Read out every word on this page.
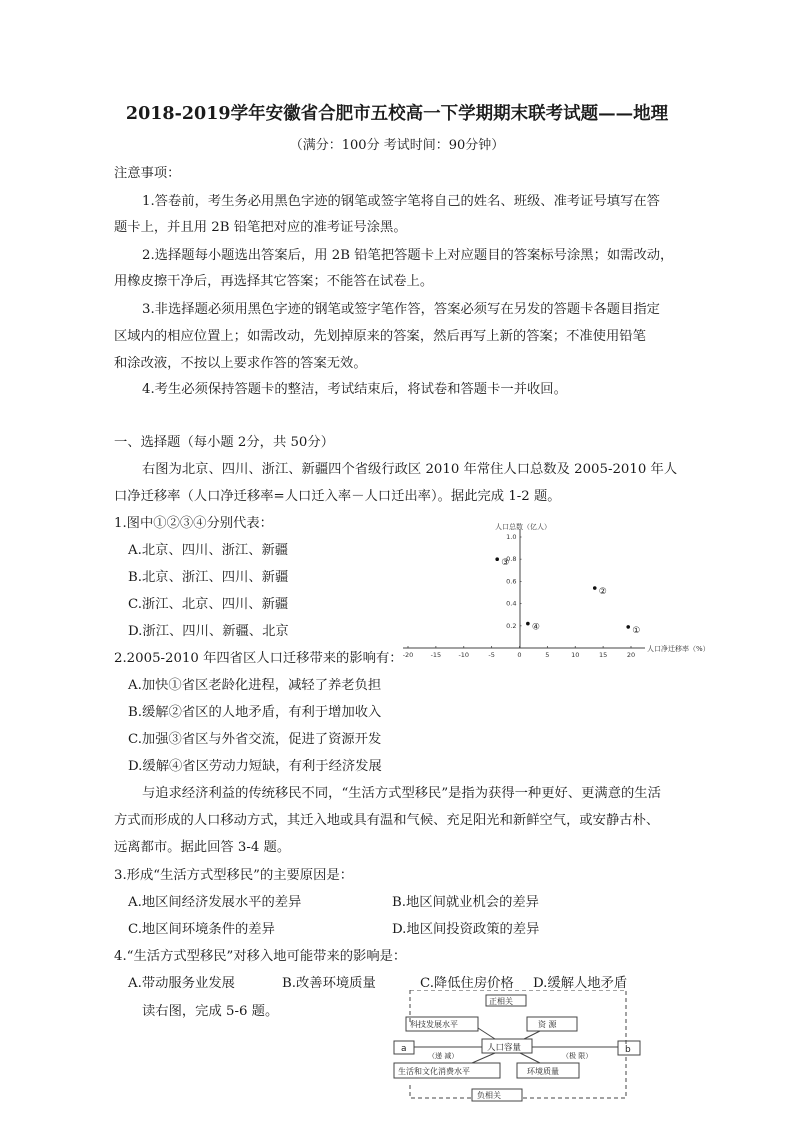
2018-2019学年安徽省合肥市五校高一下学期期末联考试题——地理
（满分：100分 考试时间：90分钟）
注意事项：
1.答卷前，考生务必用黑色字迹的钢笔或签字笔将自己的姓名、班级、准考证号填写在答
题卡上，并且用 2B 铅笔把对应的准考证号涂黑。
2.选择题每小题选出答案后，用 2B 铅笔把答题卡上对应题目的答案标号涂黑；如需改动，
用橡皮擦干净后，再选择其它答案；不能答在试卷上。
3.非选择题必须用黑色字迹的钢笔或签字笔作答，答案必须写在另发的答题卡各题目指定
区域内的相应位置上；如需改动，先划掉原来的答案，然后再写上新的答案；不准使用铅笔
和涂改液，不按以上要求作答的答案无效。
4.考生必须保持答题卡的整洁，考试结束后，将试卷和答题卡一并收回。
一、选择题（每小题 2分，共 50分）
右图为北京、四川、浙江、新疆四个省级行政区 2010 年常住人口总数及 2005-2010 年人
口净迁移率（人口净迁移率=人口迁入率－人口迁出率）。据此完成 1-2 题。
1.图中①②③④分别代表：
A.北京、四川、浙江、新疆
B.北京、浙江、四川、新疆
C.浙江、北京、四川、新疆
D.浙江、四川、新疆、北京
2.2005-2010 年四省区人口迁移带来的影响有：
A.加快①省区老龄化进程，减轻了养老负担
B.缓解②省区的人地矛盾，有利于增加收入
C.加强③省区与外省交流，促进了资源开发
D.缓解④省区劳动力短缺，有利于经济发展
与追求经济利益的传统移民不同，“生活方式型移民”是指为获得一种更好、更满意的生活
方式而形成的人口移动方式，其迁入地或具有温和气候、充足阳光和新鲜空气，或安静古朴、
远离都市。据此回答 3-4 题。
3.形成“生活方式型移民”的主要原因是：
A.地区间经济发展水平的差异	B.地区间就业机会的差异
C.地区间环境条件的差异	D.地区间投资政策的差异
4.“生活方式型移民”对移入地可能带来的影响是：
A.带动服务业发展	B.改善环境质量	C.降低住房价格 D.缓解人地矛盾
读右图，完成 5-6 题。
人口总数（亿人）
人口净迁移率（%）
-20	-15	-10	-5	0	5	10	15	20
0.2
0.4
0.6
0.8
1.0
①
②
③
④
正相关
负相关
科技发展水平	资 源
a	人口容量
（递 减）	（极 限）
b
生活和文化消费水平	环境质量
